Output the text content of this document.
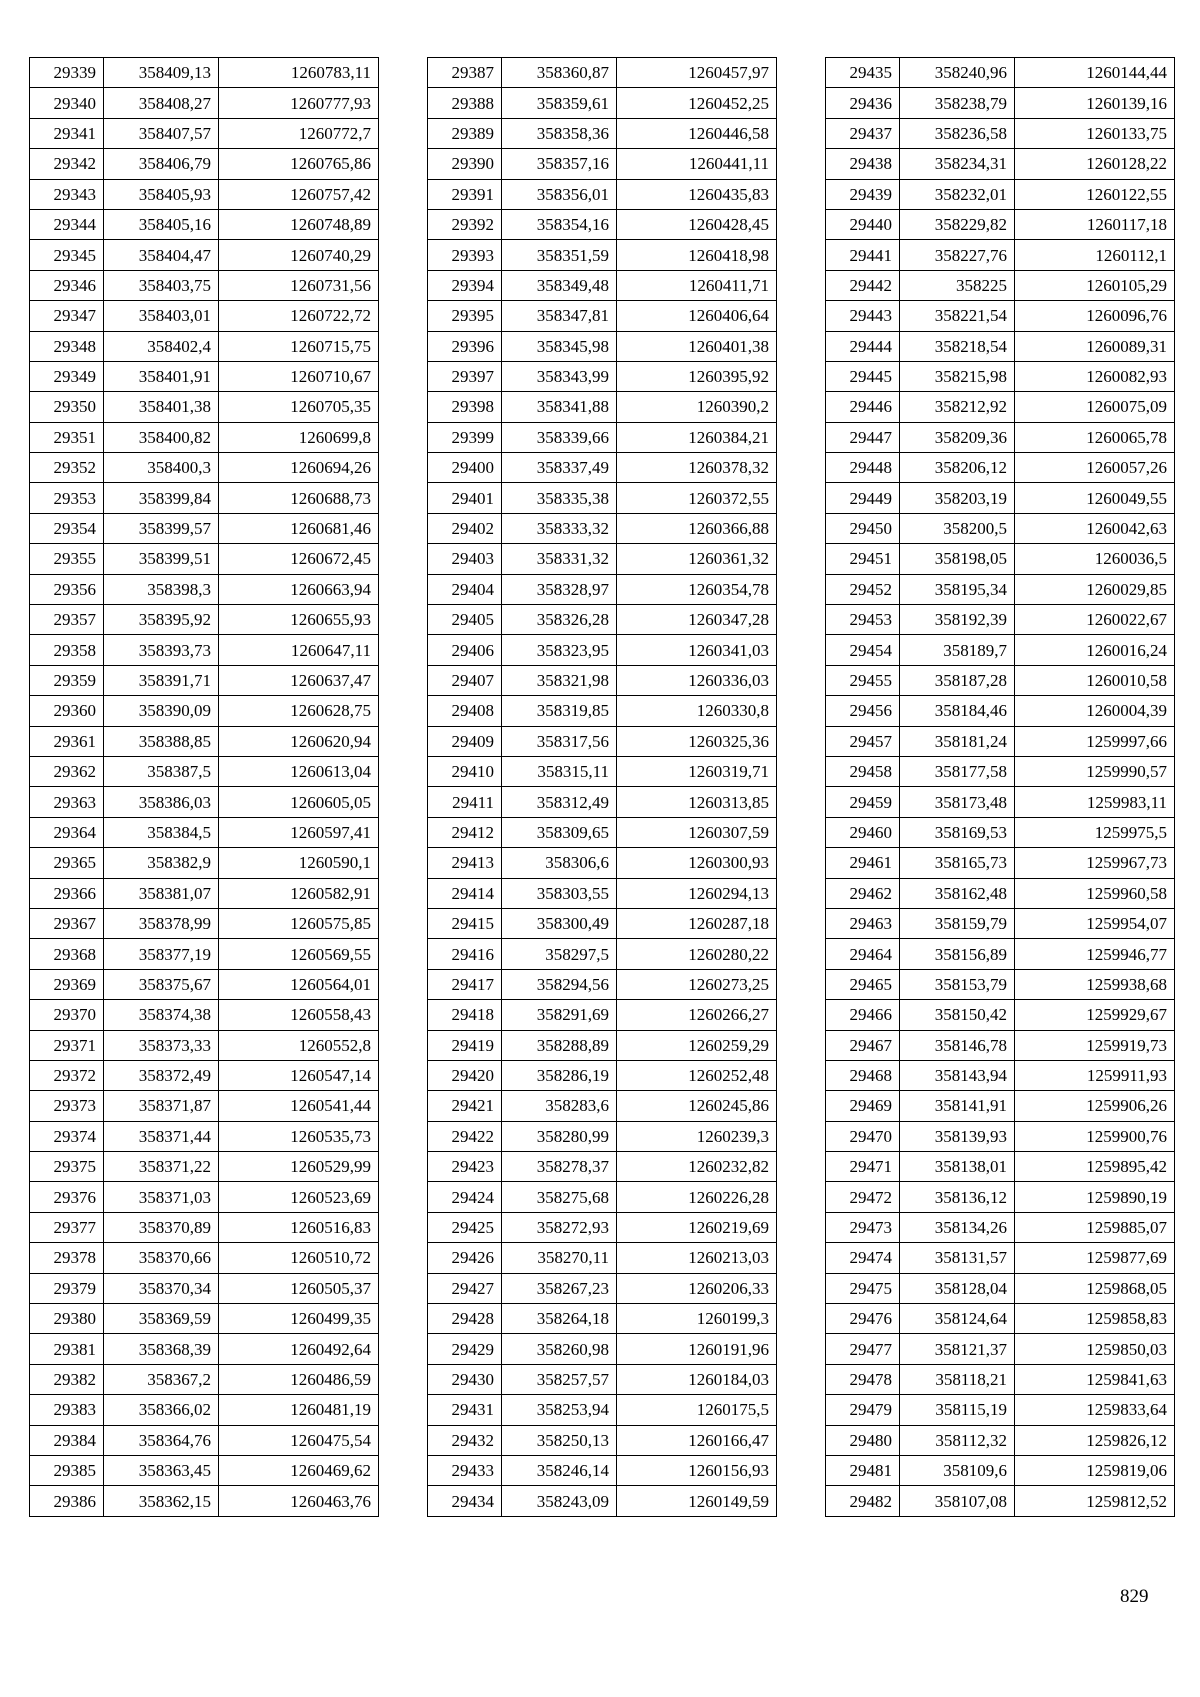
29339	358409,13	1260783,11
29340	358408,27	1260777,93
29341	358407,57	1260772,7
29342	358406,79	1260765,86
29343	358405,93	1260757,42
29344	358405,16	1260748,89
29345	358404,47	1260740,29
29346	358403,75	1260731,56
29347	358403,01	1260722,72
29348	358402,4	1260715,75
29349	358401,91	1260710,67
29350	358401,38	1260705,35
29351	358400,82	1260699,8
29352	358400,3	1260694,26
29353	358399,84	1260688,73
29354	358399,57	1260681,46
29355	358399,51	1260672,45
29356	358398,3	1260663,94
29357	358395,92	1260655,93
29358	358393,73	1260647,11
29359	358391,71	1260637,47
29360	358390,09	1260628,75
29361	358388,85	1260620,94
29362	358387,5	1260613,04
29363	358386,03	1260605,05
29364	358384,5	1260597,41
29365	358382,9	1260590,1
29366	358381,07	1260582,91
29367	358378,99	1260575,85
29368	358377,19	1260569,55
29369	358375,67	1260564,01
29370	358374,38	1260558,43
29371	358373,33	1260552,8
29372	358372,49	1260547,14
29373	358371,87	1260541,44
29374	358371,44	1260535,73
29375	358371,22	1260529,99
29376	358371,03	1260523,69
29377	358370,89	1260516,83
29378	358370,66	1260510,72
29379	358370,34	1260505,37
29380	358369,59	1260499,35
29381	358368,39	1260492,64
29382	358367,2	1260486,59
29383	358366,02	1260481,19
29384	358364,76	1260475,54
29385	358363,45	1260469,62
29386	358362,15	1260463,76
29387	358360,87	1260457,97
29388	358359,61	1260452,25
29389	358358,36	1260446,58
29390	358357,16	1260441,11
29391	358356,01	1260435,83
29392	358354,16	1260428,45
29393	358351,59	1260418,98
29394	358349,48	1260411,71
29395	358347,81	1260406,64
29396	358345,98	1260401,38
29397	358343,99	1260395,92
29398	358341,88	1260390,2
29399	358339,66	1260384,21
29400	358337,49	1260378,32
29401	358335,38	1260372,55
29402	358333,32	1260366,88
29403	358331,32	1260361,32
29404	358328,97	1260354,78
29405	358326,28	1260347,28
29406	358323,95	1260341,03
29407	358321,98	1260336,03
29408	358319,85	1260330,8
29409	358317,56	1260325,36
29410	358315,11	1260319,71
29411	358312,49	1260313,85
29412	358309,65	1260307,59
29413	358306,6	1260300,93
29414	358303,55	1260294,13
29415	358300,49	1260287,18
29416	358297,5	1260280,22
29417	358294,56	1260273,25
29418	358291,69	1260266,27
29419	358288,89	1260259,29
29420	358286,19	1260252,48
29421	358283,6	1260245,86
29422	358280,99	1260239,3
29423	358278,37	1260232,82
29424	358275,68	1260226,28
29425	358272,93	1260219,69
29426	358270,11	1260213,03
29427	358267,23	1260206,33
29428	358264,18	1260199,3
29429	358260,98	1260191,96
29430	358257,57	1260184,03
29431	358253,94	1260175,5
29432	358250,13	1260166,47
29433	358246,14	1260156,93
29434	358243,09	1260149,59
29435	358240,96	1260144,44
29436	358238,79	1260139,16
29437	358236,58	1260133,75
29438	358234,31	1260128,22
29439	358232,01	1260122,55
29440	358229,82	1260117,18
29441	358227,76	1260112,1
29442	358225	1260105,29
29443	358221,54	1260096,76
29444	358218,54	1260089,31
29445	358215,98	1260082,93
29446	358212,92	1260075,09
29447	358209,36	1260065,78
29448	358206,12	1260057,26
29449	358203,19	1260049,55
29450	358200,5	1260042,63
29451	358198,05	1260036,5
29452	358195,34	1260029,85
29453	358192,39	1260022,67
29454	358189,7	1260016,24
29455	358187,28	1260010,58
29456	358184,46	1260004,39
29457	358181,24	1259997,66
29458	358177,58	1259990,57
29459	358173,48	1259983,11
29460	358169,53	1259975,5
29461	358165,73	1259967,73
29462	358162,48	1259960,58
29463	358159,79	1259954,07
29464	358156,89	1259946,77
29465	358153,79	1259938,68
29466	358150,42	1259929,67
29467	358146,78	1259919,73
29468	358143,94	1259911,93
29469	358141,91	1259906,26
29470	358139,93	1259900,76
29471	358138,01	1259895,42
29472	358136,12	1259890,19
29473	358134,26	1259885,07
29474	358131,57	1259877,69
29475	358128,04	1259868,05
29476	358124,64	1259858,83
29477	358121,37	1259850,03
29478	358118,21	1259841,63
29479	358115,19	1259833,64
29480	358112,32	1259826,12
29481	358109,6	1259819,06
29482	358107,08	1259812,52
829
